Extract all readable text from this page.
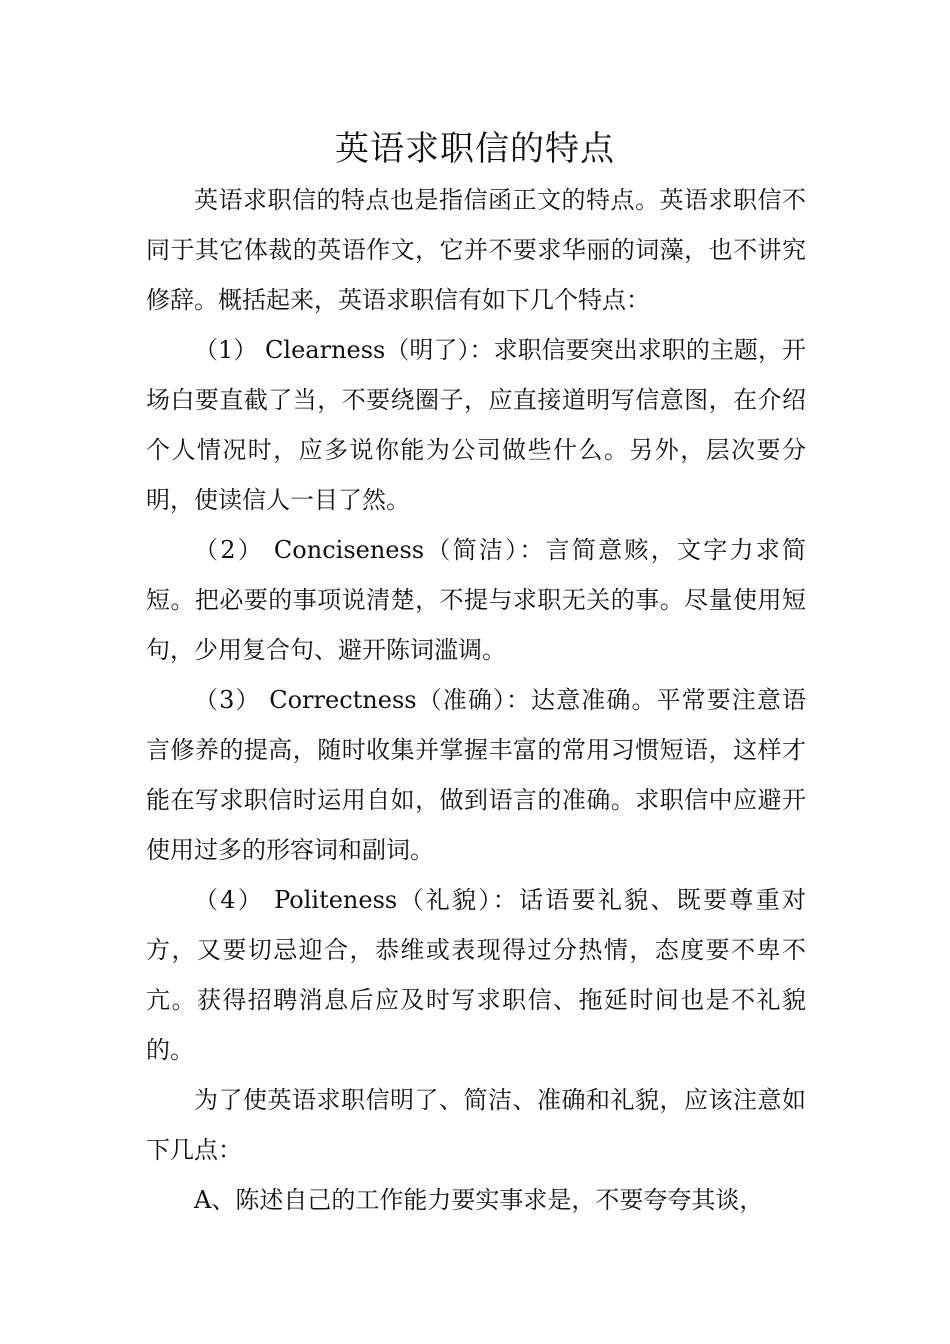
英语求职信的特点

英语求职信的特点也是指信函正文的特点。英语求职信不同于其它体裁的英语作文，它并不要求华丽的词藻，也不讲究修辞。概括起来，英语求职信有如下几个特点：

（1） Clearness（明了）：求职信要突出求职的主题，开场白要直截了当，不要绕圈子，应直接道明写信意图，在介绍个人情况时，应多说你能为公司做些什么。另外，层次要分明，使读信人一目了然。

（2） Conciseness（简洁）：言简意赅，文字力求简短。把必要的事项说清楚，不提与求职无关的事。尽量使用短句，少用复合句、避开陈词滥调。

（3） Correctness（准确）：达意准确。平常要注意语言修养的提高，随时收集并掌握丰富的常用习惯短语，这样才能在写求职信时运用自如，做到语言的准确。求职信中应避开使用过多的形容词和副词。

（4） Politeness（礼貌）：话语要礼貌、既要尊重对方，又要切忌迎合，恭维或表现得过分热情，态度要不卑不亢。获得招聘消息后应及时写求职信、拖延时间也是不礼貌的。

为了使英语求职信明了、简洁、准确和礼貌，应该注意如下几点：

A、陈述自己的工作能力要实事求是，不要夸夸其谈，
